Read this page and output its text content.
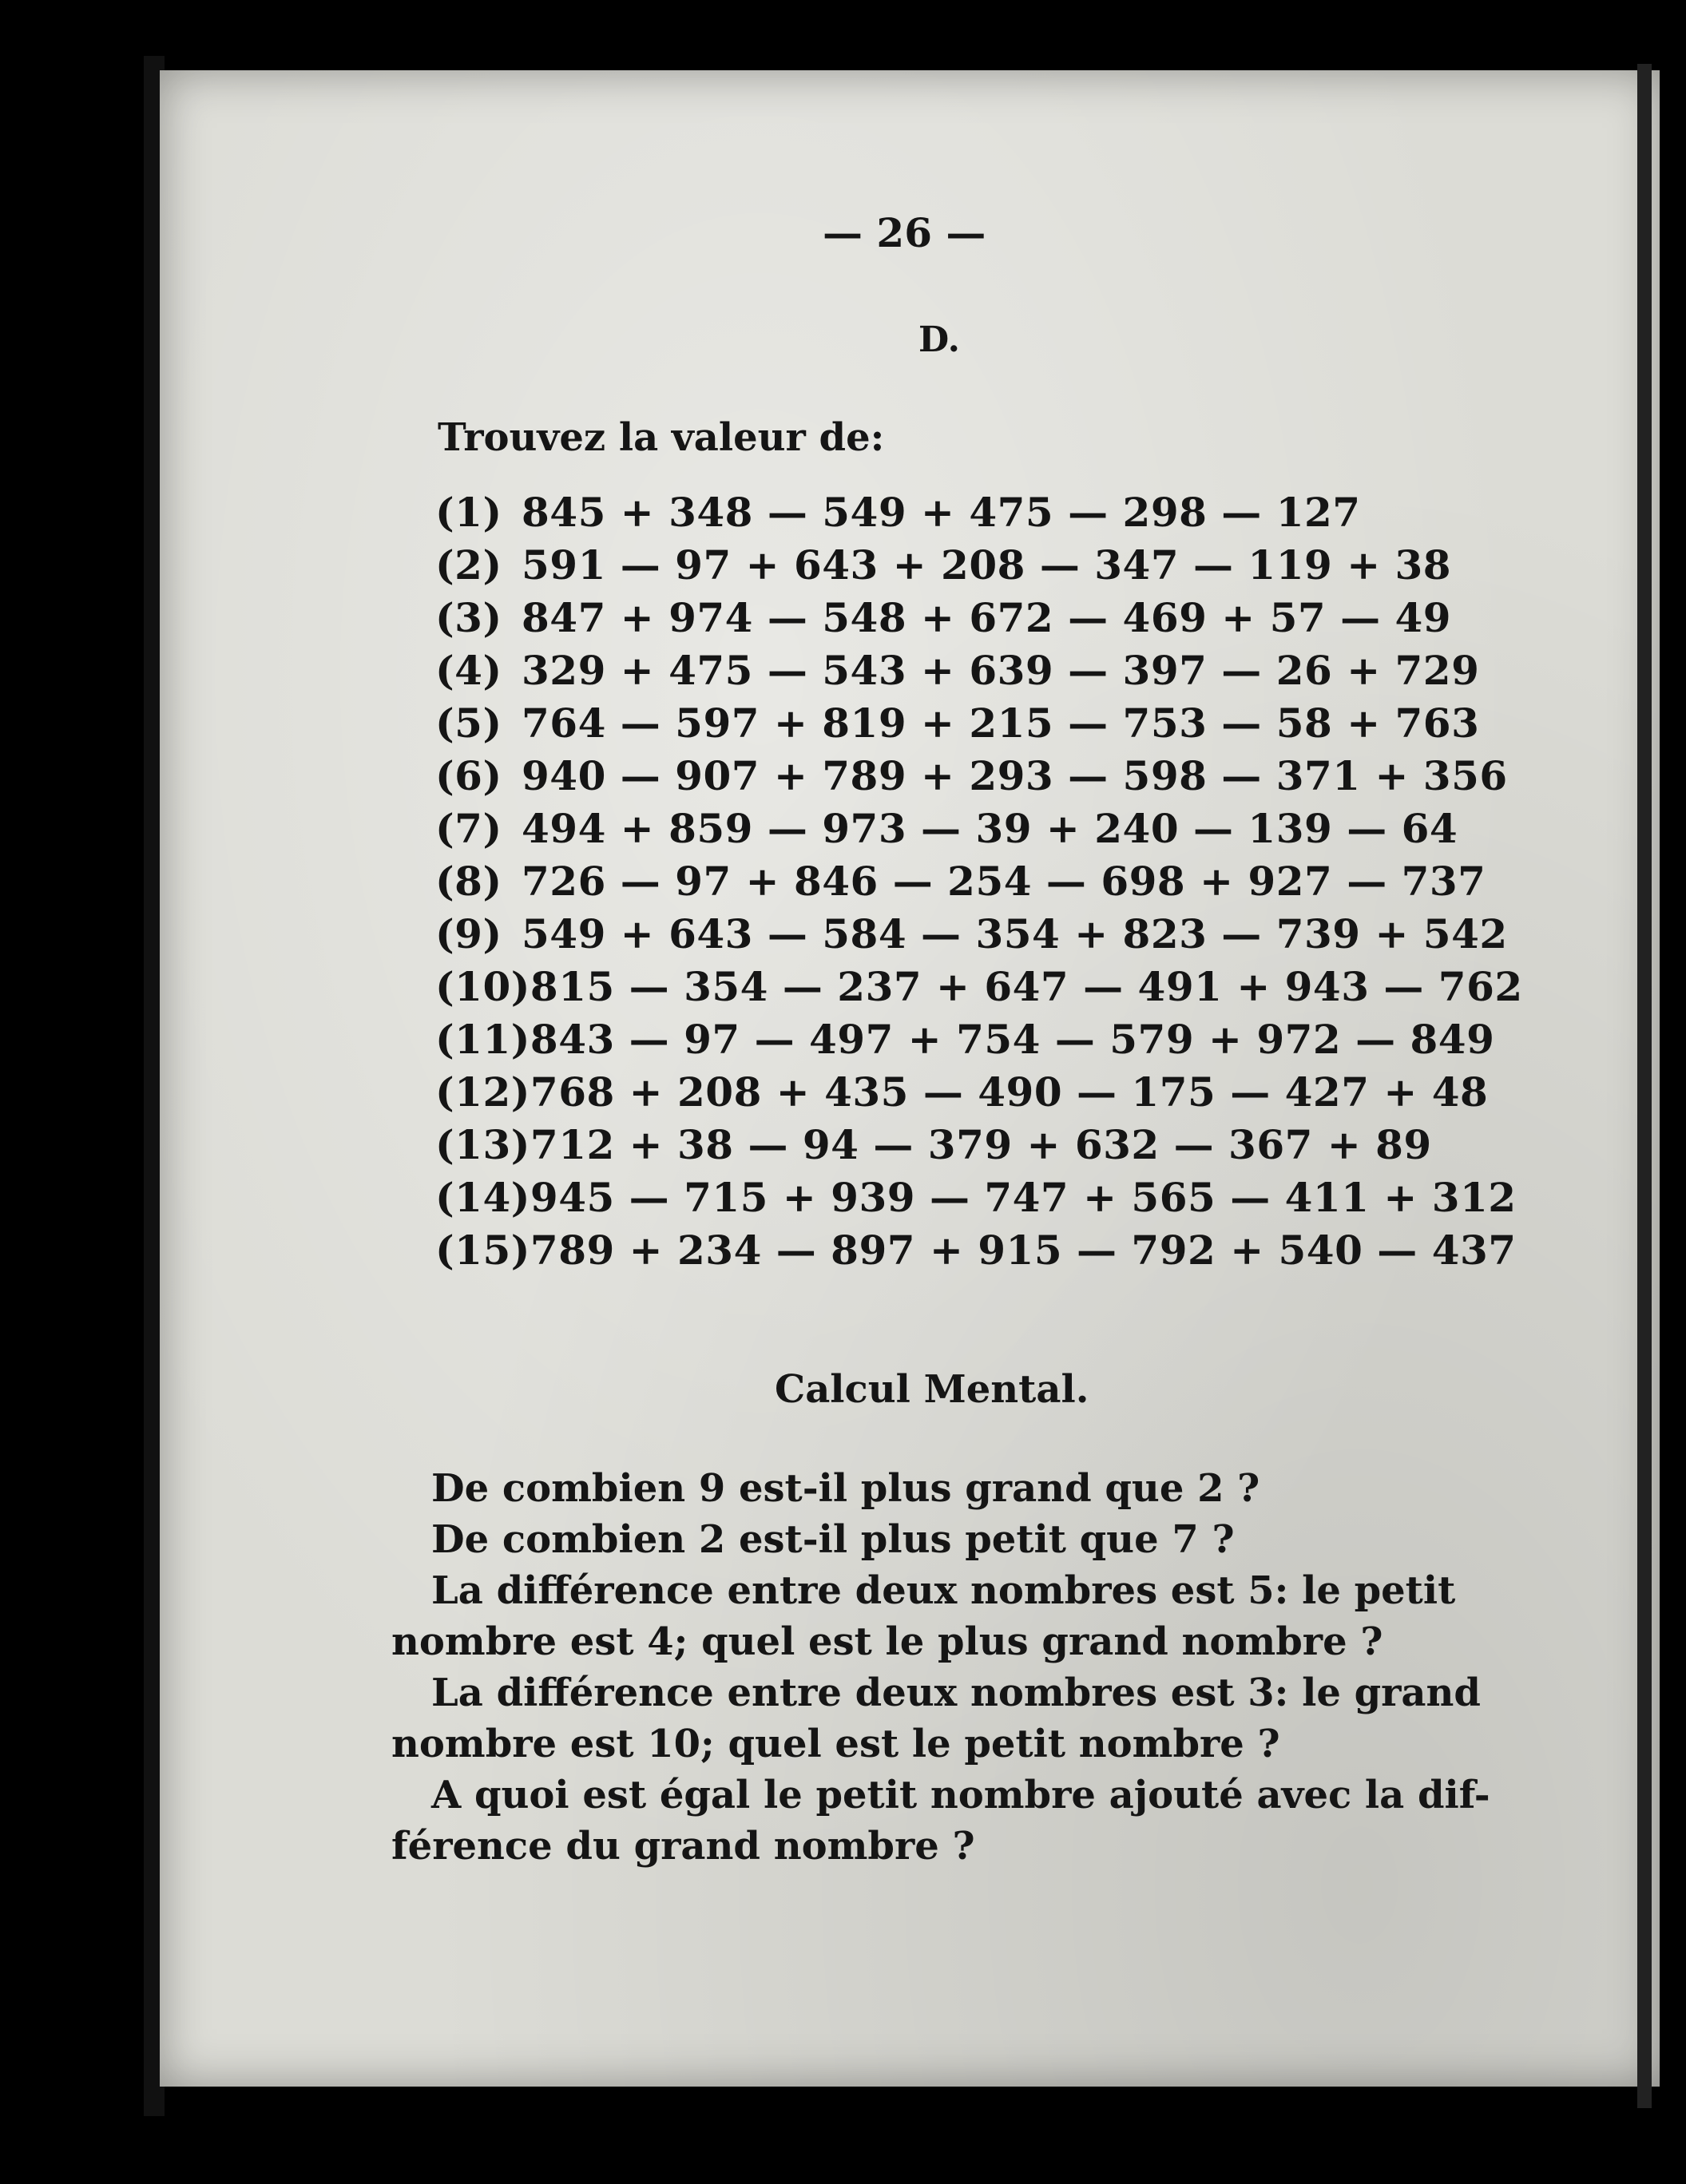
— 26 —
D.
Trouvez la valeur de:
(1) 845 + 348 — 549 + 475 — 298 — 127
(2) 591 — 97 + 643 + 208 — 347 — 119 + 38
(3) 847 + 974 — 548 + 672 — 469 + 57 — 49
(4) 329 + 475 — 543 + 639 — 397 — 26 + 729
(5) 764 — 597 + 819 + 215 — 753 — 58 + 763
(6) 940 — 907 + 789 + 293 — 598 — 371 + 356
(7) 494 + 859 — 973 — 39 + 240 — 139 — 64
(8) 726 — 97 + 846 — 254 — 698 + 927 — 737
(9) 549 + 643 — 584 — 354 + 823 — 739 + 542
(10)815 — 354 — 237 + 647 — 491 + 943 — 762
(11)843 — 97 — 497 + 754 — 579 + 972 — 849
(12)768 + 208 + 435 — 490 — 175 — 427 + 48
(13)712 + 38 — 94 — 379 + 632 — 367 + 89
(14)945 — 715 + 939 — 747 + 565 — 411 + 312
(15)789 + 234 — 897 + 915 — 792 + 540 — 437
Calcul Mental.
De combien 9 est-il plus grand que 2 ?
De combien 2 est-il plus petit que 7 ?
La différence entre deux nombres est 5: le petit
nombre est 4; quel est le plus grand nombre ?
La différence entre deux nombres est 3: le grand
nombre est 10; quel est le petit nombre ?
A quoi est égal le petit nombre ajouté avec la dif-
férence du grand nombre ?
